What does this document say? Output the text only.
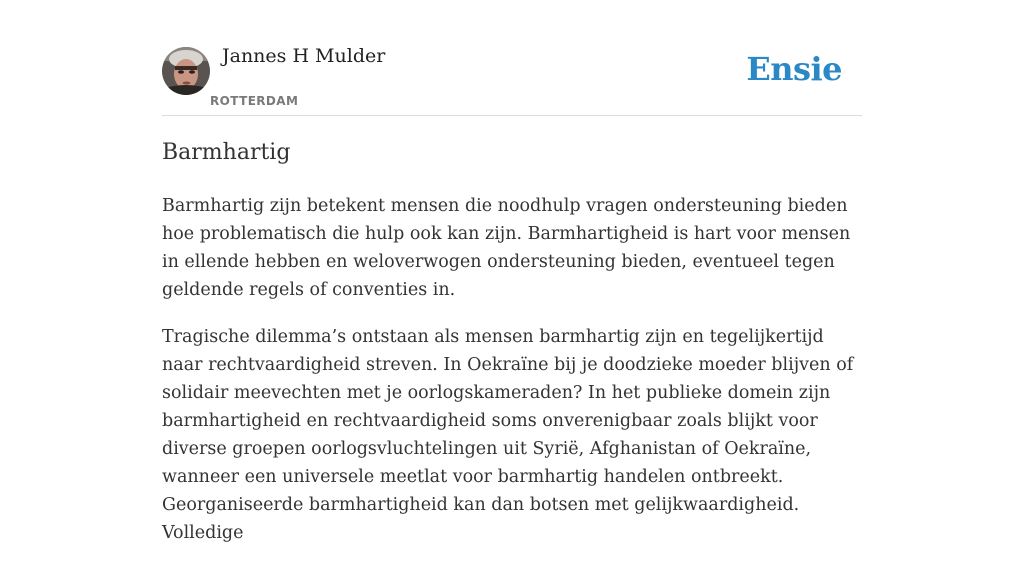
Jannes H Mulder
ROTTERDAM
Ensie
Barmhartig

Barmhartig zijn betekent mensen die noodhulp vragen ondersteuning bieden hoe problematisch die hulp ook kan zijn. Barmhartigheid is hart voor mensen in ellende hebben en weloverwogen ondersteuning bieden, eventueel tegen geldende regels of conventies in.

Tragische dilemma’s ontstaan als mensen barmhartig zijn en tegelijkertijd naar rechtvaardigheid streven. In Oekraïne bij je doodzieke moeder blijven of solidair meevechten met je oorlogskameraden? In het publieke domein zijn barmhartigheid en rechtvaardigheid soms onverenigbaar zoals blijkt voor diverse groepen oorlogsvluchtelingen uit Syrië, Afghanistan of Oekraïne, wanneer een universele meetlat voor barmhartig handelen ontbreekt. Georganiseerde barmhartigheid kan dan botsen met gelijkwaardigheid. Volledige
